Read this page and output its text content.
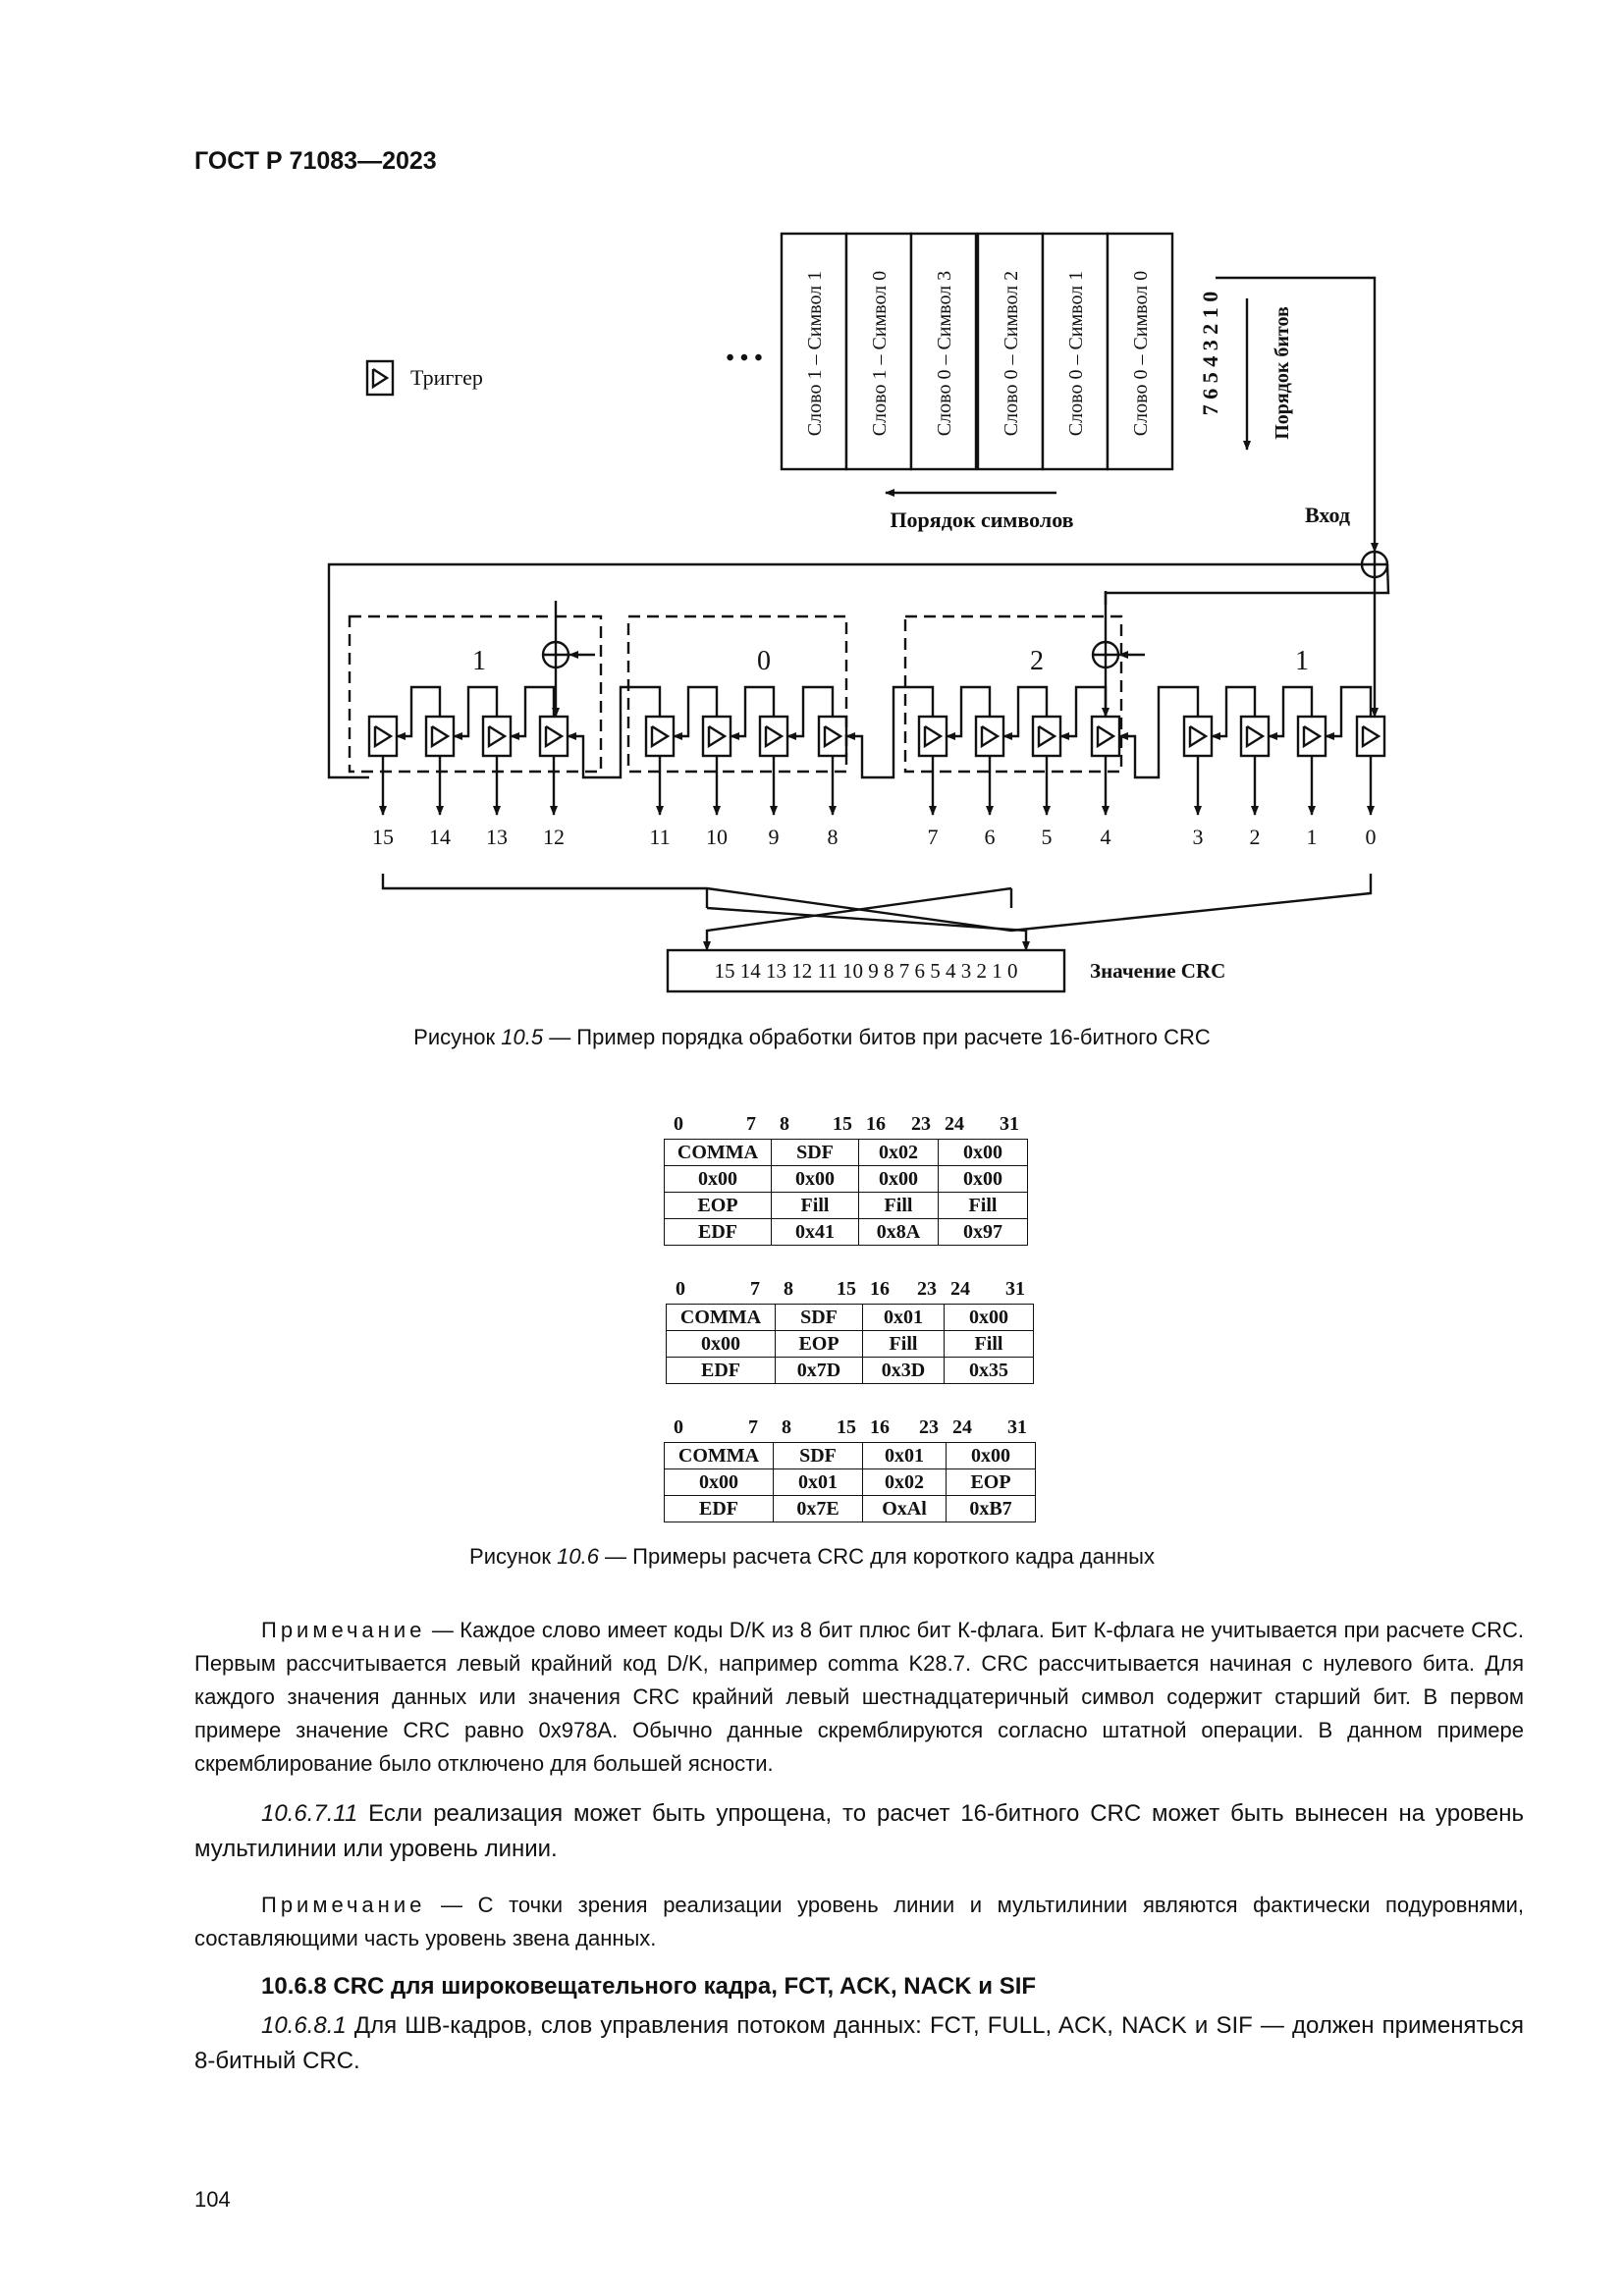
ГОСТ Р 71083—2023
Триггер
• • • Слово 1 – Символ 1 Слово 1 – Символ 0 Слово 0 – Символ 3 Слово 0 – Символ 2 Слово 0 – Символ 1 Слово 0 – Символ 0 7 6 5 4 3 2 1 0	Порядок битов
Порядок символов	Вход
15 14 13 12	11 10 9 8	7 6 5 4	3 2 1 0
1	0	2	1
15 14 13 12 11 10 9 8 7 6 5 4 3 2 1 0	Значение CRC
Рисунок 10.5 — Пример порядка обработки битов при расчете 16-битного CRC
0	7 8 15 16 23 24 31
COMMA	SDF	0x02	0x00
0x00	0x00	0x00	0x00
EOP	Fill	Fill	Fill
EDF	0x41	0x8A	0x97
0	7 8 15 16 23 24 31
COMMA	SDF	0x01	0x00
0x00	EOP	Fill	Fill
EDF	0x7D	0x3D	0x35
0	7 8 15 16 23 24 31
COMMA	SDF	0x01	0x00
0x00	0x01	0x02	EOP
EDF	0x7E	OxAl	0xB7
Рисунок 10.6 — Примеры расчета CRC для короткого кадра данных
Примечание — Каждое слово имеет коды D/K из 8 бит плюс бит К-флага. Бит К-флага не учитывается при расчете CRC. Первым рассчитывается левый крайний код D/K, например comma K28.7. CRC рассчитывается начиная с нулевого бита. Для каждого значения данных или значения CRC крайний левый шестнадцатеричный символ содержит старший бит. В первом примере значение CRC равно 0x978A. Обычно данные скремблируются согласно штатной операции. В данном примере скремблирование было отключено для большей ясности.
10.6.7.11 Если реализация может быть упрощена, то расчет 16-битного CRC может быть вынесен на уровень мультилинии или уровень линии.
Примечание — С точки зрения реализации уровень линии и мультилинии являются фактически подуровнями, составляющими часть уровень звена данных.
10.6.8 CRC для широковещательного кадра, FCT, ACK, NACK и SIF
10.6.8.1 Для ШВ-кадров, слов управления потоком данных: FCT, FULL, ACK, NACK и SIF — должен применяться 8-битный CRC.
104
